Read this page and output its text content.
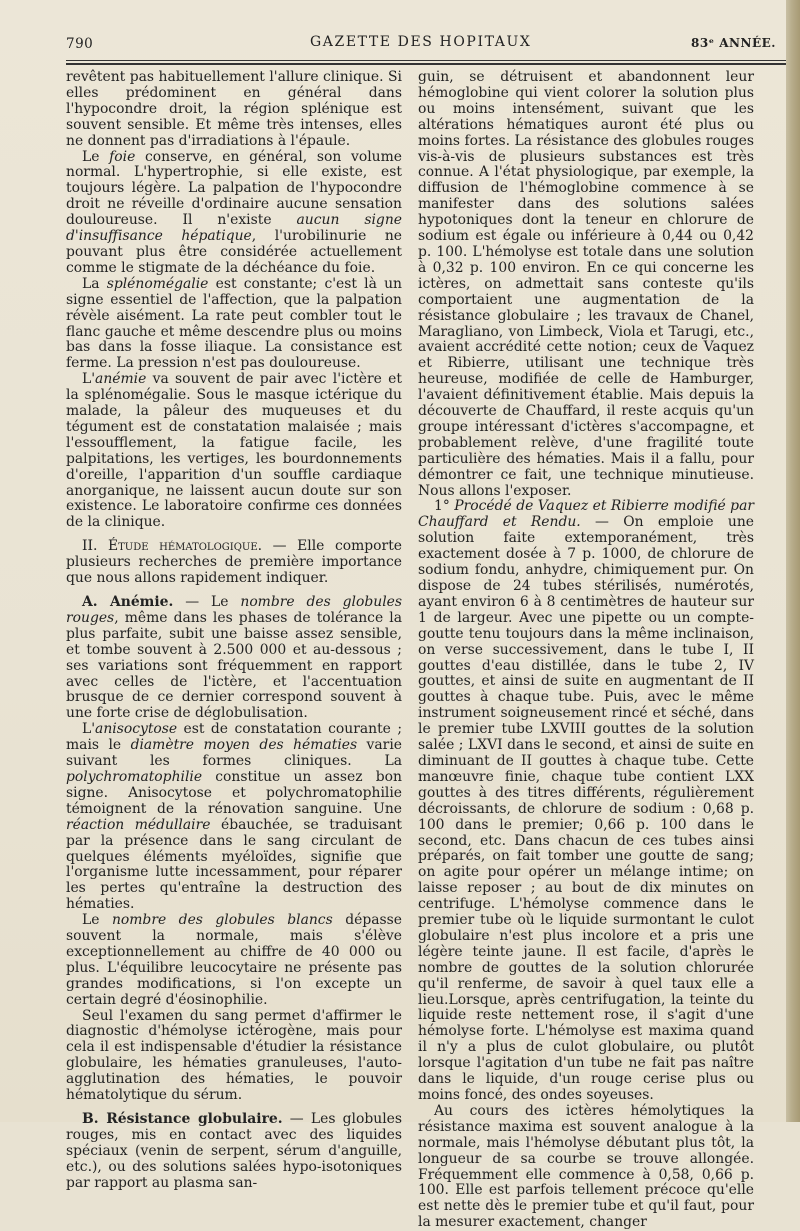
790	GAZETTE DES HOPITAUX	83ᵉ ANNÉE.

revêtent pas habituellement l'allure clinique. Si elles prédominent en général dans l'hypocondre droit, la région splénique est souvent sensible. Et même très intenses, elles ne donnent pas d'irradiations à l'épaule.

Le foie conserve, en général, son volume normal. L'hypertrophie, si elle existe, est toujours légère. La palpation de l'hypocondre droit ne réveille d'ordinaire aucune sensation douloureuse. Il n'existe aucun signe d'insuffisance hépatique, l'urobilinurie ne pouvant plus être considérée actuellement comme le stigmate de la déchéance du foie.

La splénomégalie est constante; c'est là un signe essentiel de l'affection, que la palpation révèle aisément. La rate peut combler tout le flanc gauche et même descendre plus ou moins bas dans la fosse iliaque. La consistance est ferme. La pression n'est pas douloureuse.

L'anémie va souvent de pair avec l'ictère et la splénomégalie. Sous le masque ictérique du malade, la pâleur des muqueuses et du tégument est de constatation malaisée ; mais l'essoufflement, la fatigue facile, les palpitations, les vertiges, les bourdonnements d'oreille, l'apparition d'un souffle cardiaque anorganique, ne laissent aucun doute sur son existence. Le laboratoire confirme ces données de la clinique.

II. Étude hématologique. — Elle comporte plusieurs recherches de première importance que nous allons rapidement indiquer.

A. Anémie. — Le nombre des globules rouges, même dans les phases de tolérance la plus parfaite, subit une baisse assez sensible, et tombe souvent à 2.500 000 et au-dessous ; ses variations sont fréquemment en rapport avec celles de l'ictère, et l'accentuation brusque de ce dernier correspond souvent à une forte crise de déglobulisation.

L'anisocytose est de constatation courante ; mais le diamètre moyen des hématies varie suivant les formes cliniques. La polychromatophilie constitue un assez bon signe. Anisocytose et polychromatophilie témoignent de la rénovation sanguine. Une réaction médullaire ébauchée, se traduisant par la présence dans le sang circulant de quelques éléments myéloïdes, signifie que l'organisme lutte incessamment, pour réparer les pertes qu'entraîne la destruction des hématies.

Le nombre des globules blancs dépasse souvent la normale, mais s'élève exceptionnellement au chiffre de 40 000 ou plus. L'équilibre leucocytaire ne présente pas grandes modifications, si l'on excepte un certain degré d'éosinophilie.

Seul l'examen du sang permet d'affirmer le diagnostic d'hémolyse ictérogène, mais pour cela il est indispensable d'étudier la résistance globulaire, les hématies granuleuses, l'auto-agglutination des hématies, le pouvoir hématolytique du sérum.

B. Résistance globulaire. — Les globules rouges, mis en contact avec des liquides spéciaux (venin de serpent, sérum d'anguille, etc.), ou des solutions salées hypo-isotoniques par rapport au plasma san-

guin, se détruisent et abandonnent leur hémoglobine qui vient colorer la solution plus ou moins intensément, suivant que les altérations hématiques auront été plus ou moins fortes. La résistance des globules rouges vis-à-vis de plusieurs substances est très connue. A l'état physiologique, par exemple, la diffusion de l'hémoglobine commence à se manifester dans des solutions salées hypotoniques dont la teneur en chlorure de sodium est égale ou inférieure à 0,44 ou 0,42 p. 100. L'hémolyse est totale dans une solution à 0,32 p. 100 environ. En ce qui concerne les ictères, on admettait sans conteste qu'ils comportaient une augmentation de la résistance globulaire ; les travaux de Chanel, Maragliano, von Limbeck, Viola et Tarugi, etc., avaient accrédité cette notion; ceux de Vaquez et Ribierre, utilisant une technique très heureuse, modifiée de celle de Hamburger, l'avaient définitivement établie. Mais depuis la découverte de Chauffard, il reste acquis qu'un groupe intéressant d'ictères s'accompagne, et probablement relève, d'une fragilité toute particulière des hématies. Mais il a fallu, pour démontrer ce fait, une technique minutieuse. Nous allons l'exposer.

1° Procédé de Vaquez et Ribierre modifié par Chauffard et Rendu. — On emploie une solution faite extemporanément, très exactement dosée à 7 p. 1000, de chlorure de sodium fondu, anhydre, chimiquement pur. On dispose de 24 tubes stérilisés, numérotés, ayant environ 6 à 8 centimètres de hauteur sur 1 de largeur. Avec une pipette ou un compte-goutte tenu toujours dans la même inclinaison, on verse successivement, dans le tube I, II gouttes d'eau distillée, dans le tube 2, IV gouttes, et ainsi de suite en augmentant de II gouttes à chaque tube. Puis, avec le même instrument soigneusement rincé et séché, dans le premier tube LXVIII gouttes de la solution salée ; LXVI dans le second, et ainsi de suite en diminuant de II gouttes à chaque tube. Cette manœuvre finie, chaque tube contient LXX gouttes à des titres différents, régulièrement décroissants, de chlorure de sodium : 0,68 p. 100 dans le premier; 0,66 p. 100 dans le second, etc. Dans chacun de ces tubes ainsi préparés, on fait tomber une goutte de sang; on agite pour opérer un mélange intime; on laisse reposer ; au bout de dix minutes on centrifuge. L'hémolyse commence dans le premier tube où le liquide surmontant le culot globulaire n'est plus incolore et a pris une légère teinte jaune. Il est facile, d'après le nombre de gouttes de la solution chlorurée qu'il renferme, de savoir à quel taux elle a lieu.Lorsque, après centrifugation, la teinte du liquide reste nettement rose, il s'agit d'une hémolyse forte. L'hémolyse est maxima quand il n'y a plus de culot globulaire, ou plutôt lorsque l'agitation d'un tube ne fait pas naître dans le liquide, d'un rouge cerise plus ou moins foncé, des ondes soyeuses.

Au cours des ictères hémolytiques la résistance maxima est souvent analogue à la normale, mais l'hémolyse débutant plus tôt, la longueur de sa courbe se trouve allongée. Fréquemment elle commence à 0,58, 0,66 p. 100. Elle est parfois tellement précoce qu'elle est nette dès le premier tube et qu'il faut, pour la mesurer exactement, changer
